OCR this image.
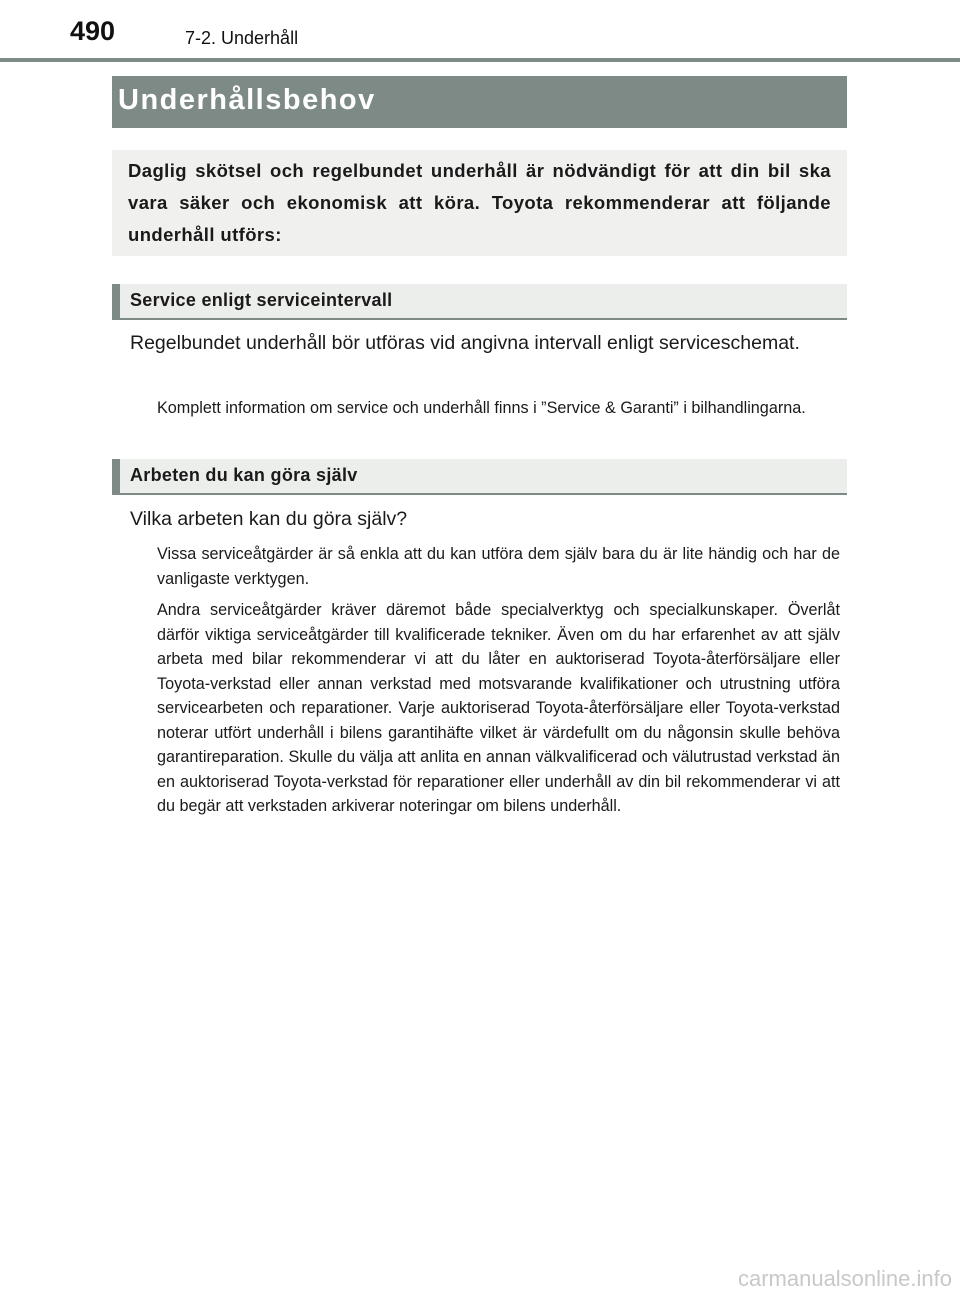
490	7-2. Underhåll
Underhållsbehov
Daglig skötsel och regelbundet underhåll är nödvändigt för att din bil ska vara säker och ekonomisk att köra. Toyota rekommenderar att följande underhåll utförs:
Service enligt serviceintervall
Regelbundet underhåll bör utföras vid angivna intervall enligt serviceschemat.
Komplett information om service och underhåll finns i ”Service & Garanti” i bilhandlingarna.
Arbeten du kan göra själv
Vilka arbeten kan du göra själv?
Vissa serviceåtgärder är så enkla att du kan utföra dem själv bara du är lite händig och har de vanligaste verktygen.
Andra serviceåtgärder kräver däremot både specialverktyg och specialkunskaper. Överlåt därför viktiga serviceåtgärder till kvalificerade tekniker. Även om du har erfarenhet av att själv arbeta med bilar rekommenderar vi att du låter en auktoriserad Toyota-återförsäljare eller Toyota-verkstad eller annan verkstad med motsvarande kvalifikationer och utrustning utföra servicearbeten och reparationer. Varje auktoriserad Toyota-återförsäljare eller Toyota-verkstad noterar utfört underhåll i bilens garantihäfte vilket är värdefullt om du någonsin skulle behöva garantireparation. Skulle du välja att anlita en annan välkvalificerad och välutrustad verkstad än en auktoriserad Toyota-verkstad för reparationer eller underhåll av din bil rekommenderar vi att du begär att verkstaden arkiverar noteringar om bilens underhåll.
carmanualsonline.info
